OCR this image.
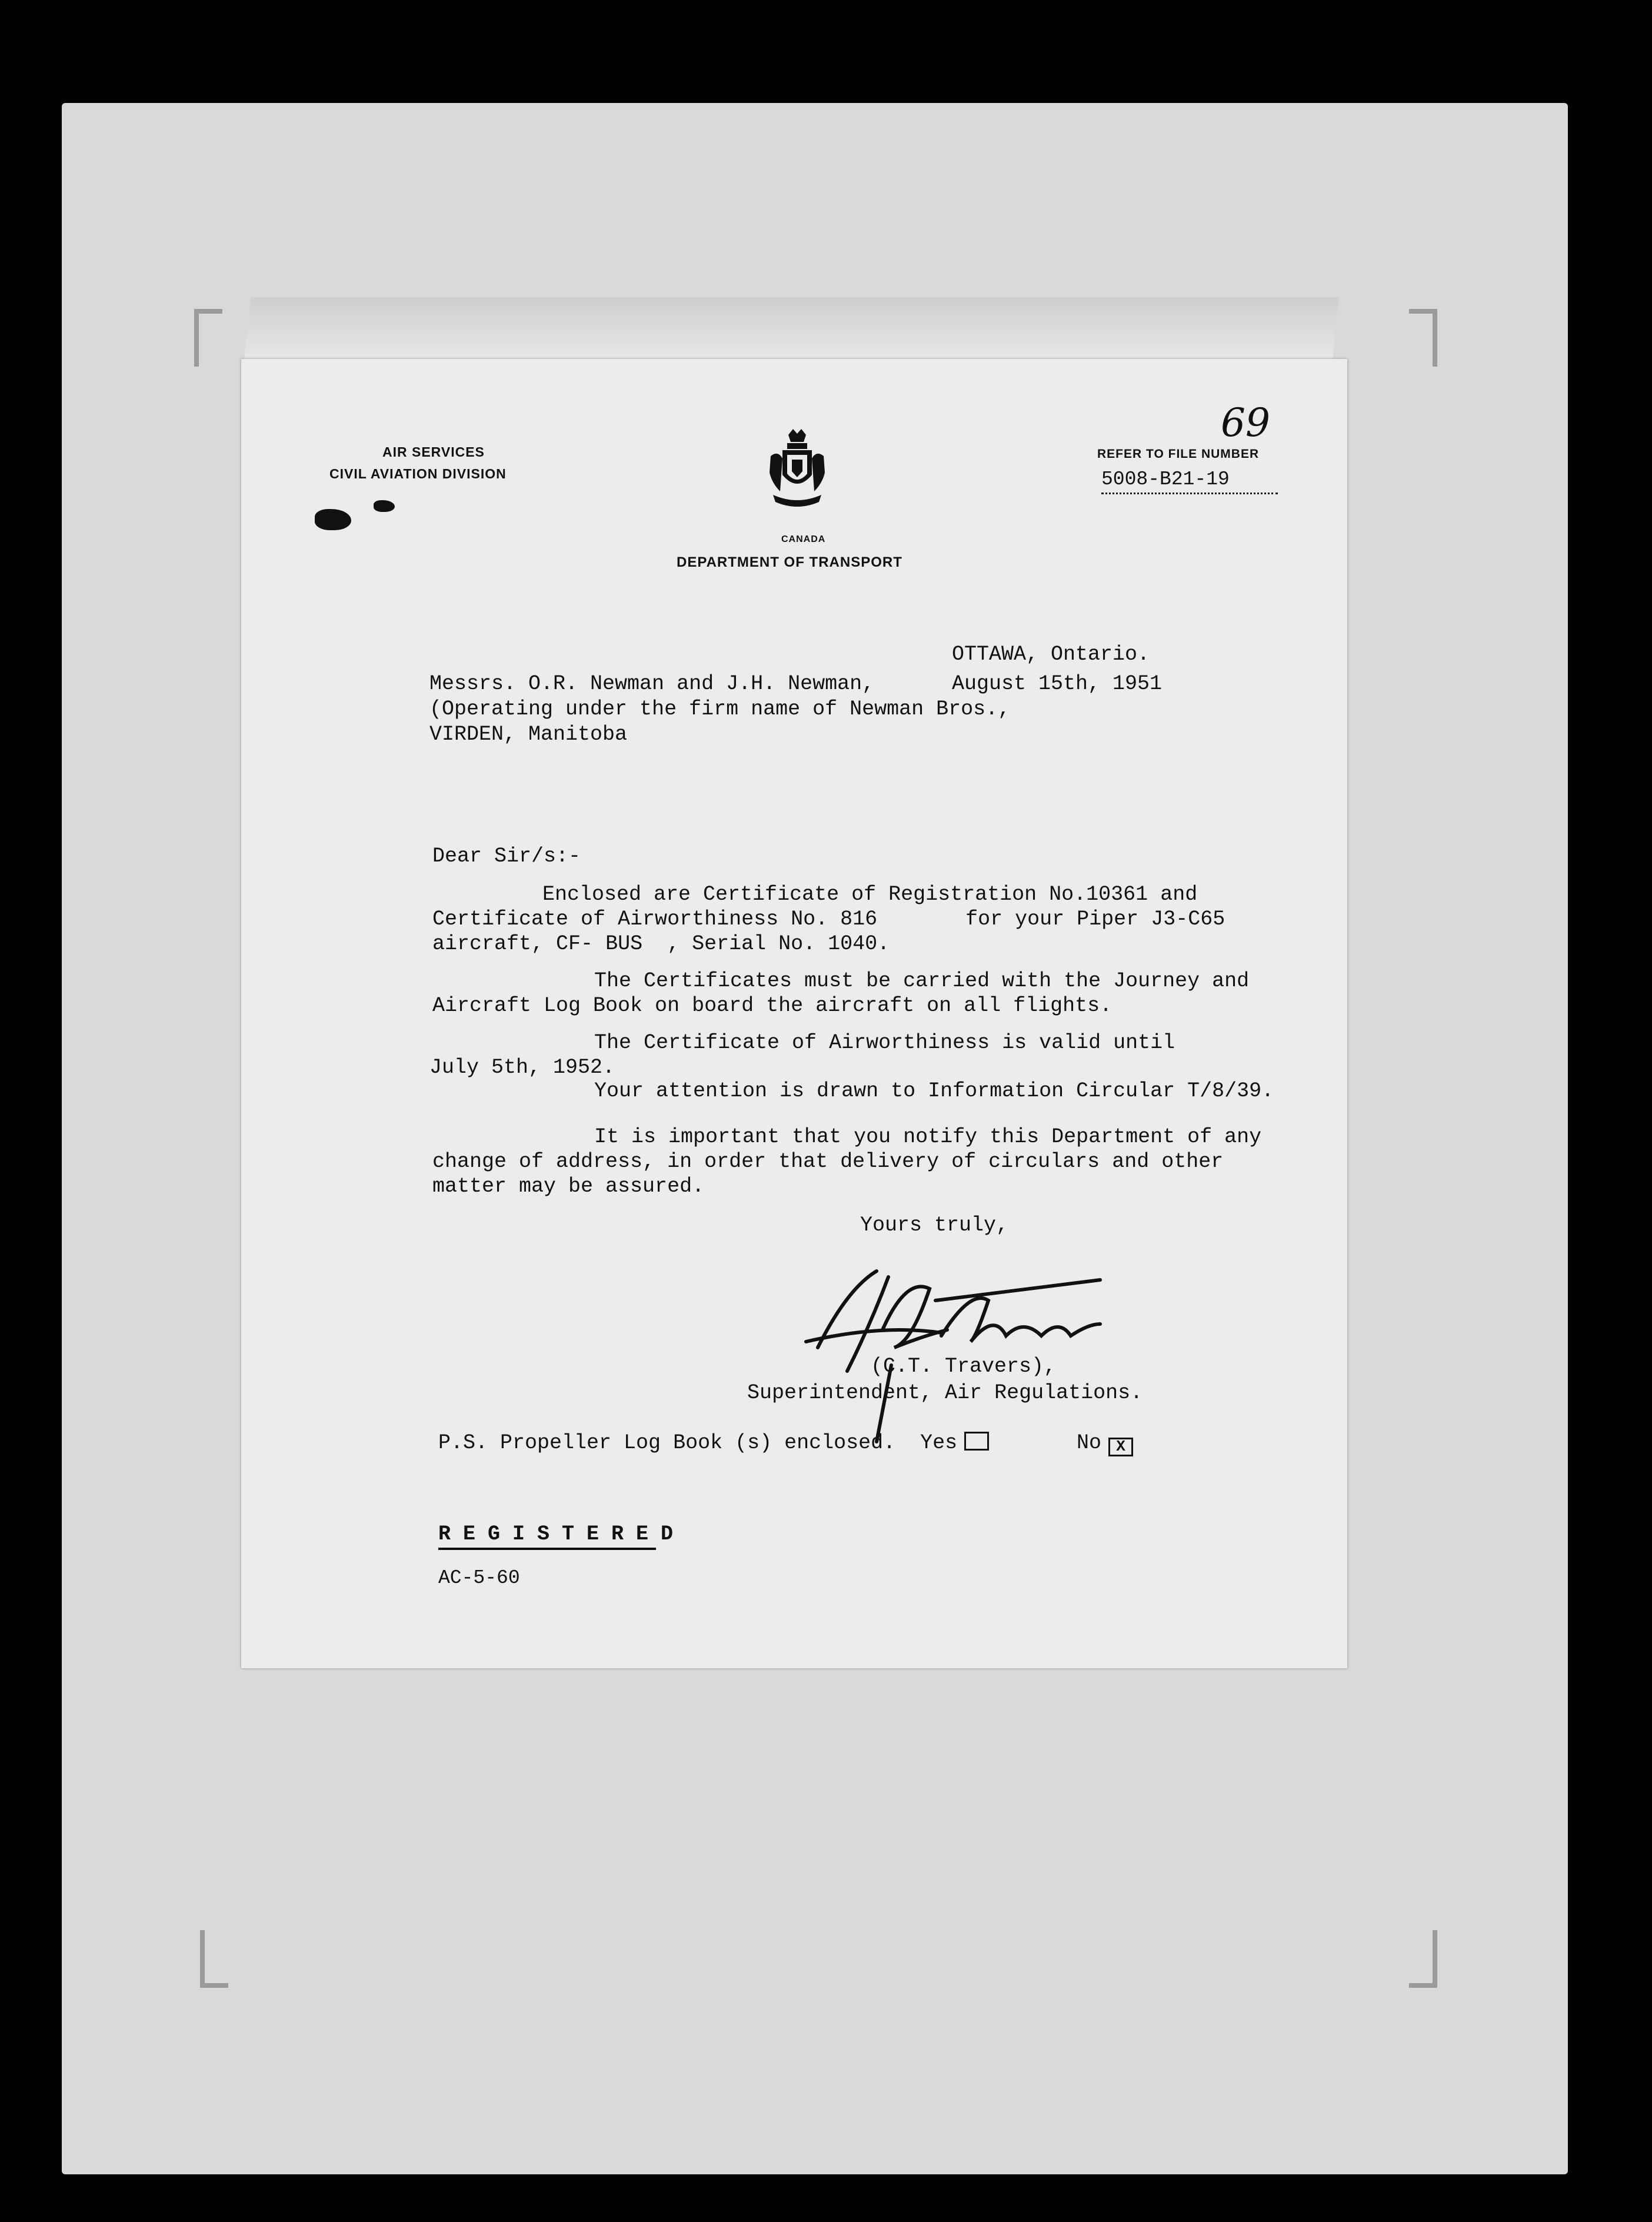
AIR SERVICES
CIVIL AVIATION DIVISION
CANADA
DEPARTMENT OF TRANSPORT
69
REFER TO FILE NUMBER
5008-B21-19
OTTAWA, Ontario.
August 15th, 1951
Messrs. O.R. Newman and J.H. Newman,
(Operating under the firm name of Newman Bros.,
VIRDEN, Manitoba
Dear Sir/s:-
Enclosed are Certificate of Registration No.10361 and
Certificate of Airworthiness No. 816	for your Piper J3-C65
aircraft, CF- BUS  , Serial No. 1040.
The Certificates must be carried with the Journey and
Aircraft Log Book on board the aircraft on all flights.
The Certificate of Airworthiness is valid until
July 5th, 1952.
Your attention is drawn to Information Circular T/8/39.
It is important that you notify this Department of any
change of address, in order that delivery of circulars and other
matter may be assured.
Yours truly,
(C.T. Travers),
Superintendent, Air Regulations.
P.S. Propeller Log Book (s) enclosed. Yes	No X
R E G I S T E R E D
AC-5-60
